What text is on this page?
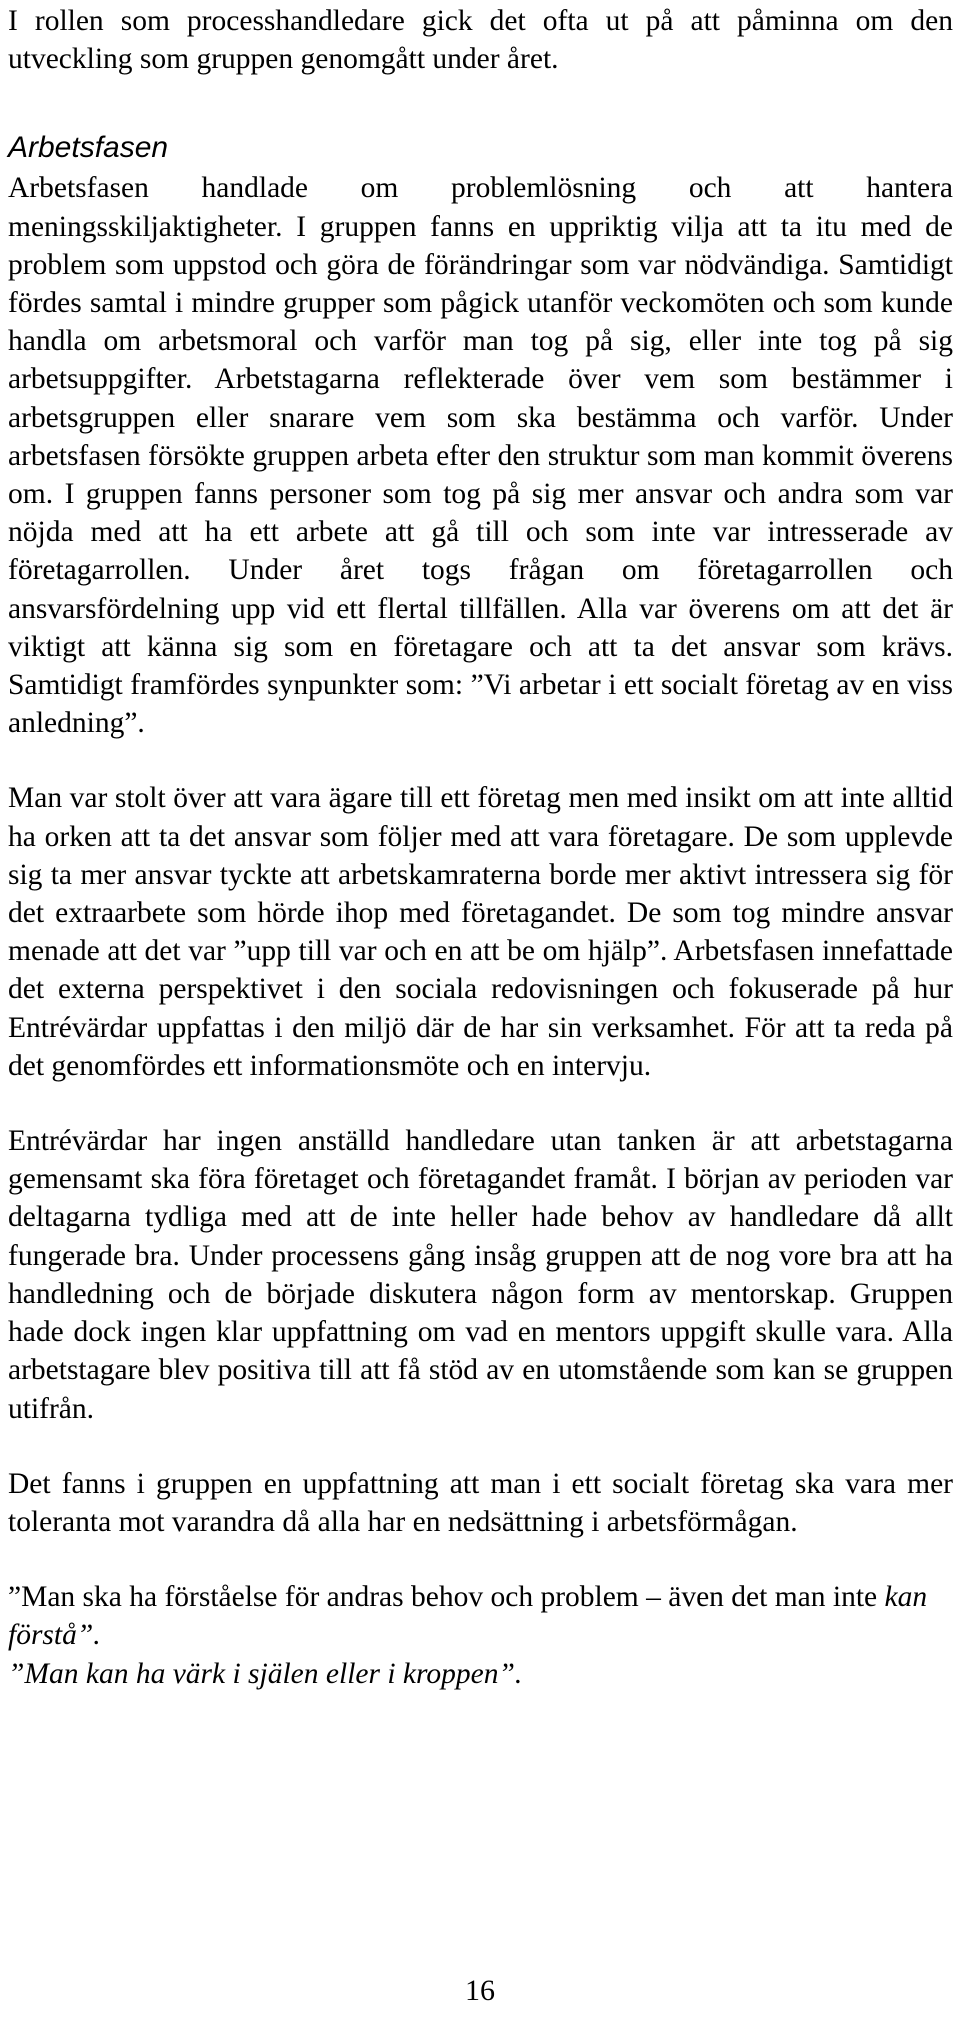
I rollen som processhandledare gick det ofta ut på att påminna om den utveckling som gruppen genomgått under året.

Arbetsfasen

Arbetsfasen handlade om problemlösning och att hantera meningsskiljaktigheter. I gruppen fanns en uppriktig vilja att ta itu med de problem som uppstod och göra de förändringar som var nödvändiga. Samtidigt fördes samtal i mindre grupper som pågick utanför veckomöten och som kunde handla om arbetsmoral och varför man tog på sig, eller inte tog på sig arbetsuppgifter. Arbetstagarna reflekterade över vem som bestämmer i arbetsgruppen eller snarare vem som ska bestämma och varför. Under arbetsfasen försökte gruppen arbeta efter den struktur som man kommit överens om. I gruppen fanns personer som tog på sig mer ansvar och andra som var nöjda med att ha ett arbete att gå till och som inte var intresserade av företagarrollen. Under året togs frågan om företagarrollen och ansvarsfördelning upp vid ett flertal tillfällen. Alla var överens om att det är viktigt att känna sig som en företagare och att ta det ansvar som krävs. Samtidigt framfördes synpunkter som: ”Vi arbetar i ett socialt företag av en viss anledning”.

Man var stolt över att vara ägare till ett företag men med insikt om att inte alltid ha orken att ta det ansvar som följer med att vara företagare. De som upplevde sig ta mer ansvar tyckte att arbetskamraterna borde mer aktivt intressera sig för det extraarbete som hörde ihop med företagandet. De som tog mindre ansvar menade att det var ”upp till var och en att be om hjälp”. Arbetsfasen innefattade det externa perspektivet i den sociala redovisningen och fokuserade på hur Entrévärdar uppfattas i den miljö där de har sin verksamhet. För att ta reda på det genomfördes ett informationsmöte och en intervju.

Entrévärdar har ingen anställd handledare utan tanken är att arbetstagarna gemensamt ska föra företaget och företagandet framåt. I början av perioden var deltagarna tydliga med att de inte heller hade behov av handledare då allt fungerade bra. Under processens gång insåg gruppen att de nog vore bra att ha handledning och de började diskutera någon form av mentorskap. Gruppen hade dock ingen klar uppfattning om vad en mentors uppgift skulle vara. Alla arbetstagare blev positiva till att få stöd av en utomstående som kan se gruppen utifrån.

Det fanns i gruppen en uppfattning att man i ett socialt företag ska vara mer toleranta mot varandra då alla har en nedsättning i arbetsförmågan.

”Man ska ha förståelse för andras behov och problem – även det man inte kan förstå”.

”Man kan ha värk i själen eller i kroppen”.

16
